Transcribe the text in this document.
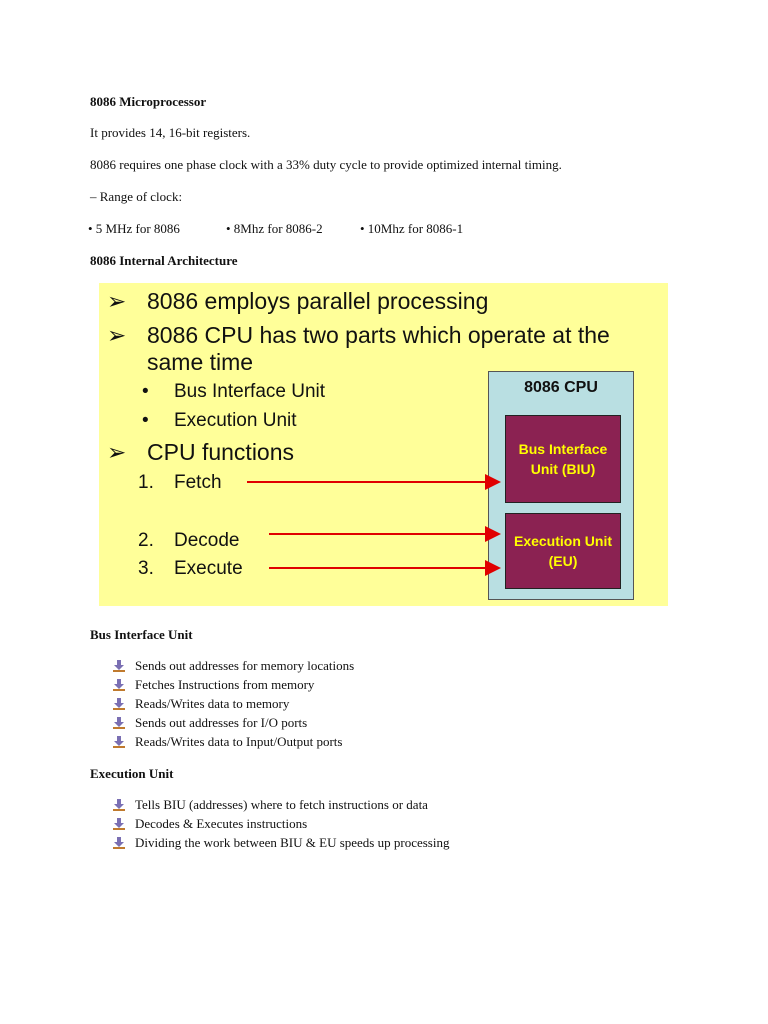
8086 Microprocessor
It provides 14, 16-bit registers.
8086 requires one phase clock with a 33% duty cycle to provide optimized internal timing.
– Range of clock:
• 5 MHz for 8086	• 8Mhz for 8086-2	• 10Mhz for 8086-1
8086 Internal Architecture
➢ 8086 employs parallel processing
➢ 8086 CPU has two parts which operate at the
same time
• Bus Interface Unit
• Execution Unit
➢ CPU functions
1. Fetch
2. Decode
3. Execute
8086 CPU
Bus Interface
Unit (BIU)
Execution Unit
(EU)
Bus Interface Unit
Sends out addresses for memory locations
Fetches Instructions from memory
Reads/Writes data to memory
Sends out addresses for I/O ports
Reads/Writes data to Input/Output ports
Execution Unit
Tells BIU (addresses) where to fetch instructions or data
Decodes & Executes instructions
Dividing the work between BIU & EU speeds up processing
